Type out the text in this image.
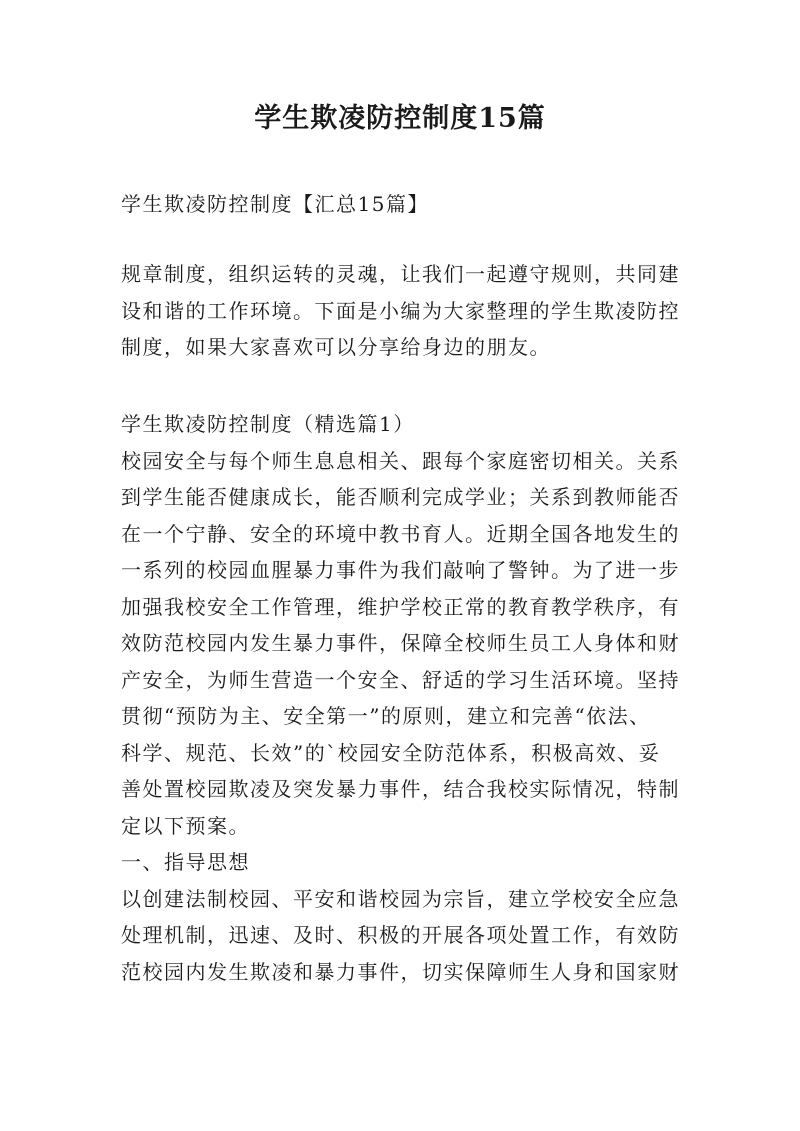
学生欺凌防控制度15篇
学生欺凌防控制度【汇总15篇】
规章制度，组织运转的灵魂，让我们一起遵守规则，共同建
设和谐的工作环境。下面是小编为大家整理的学生欺凌防控
制度，如果大家喜欢可以分享给身边的朋友。
学生欺凌防控制度（精选篇1）
校园安全与每个师生息息相关、跟每个家庭密切相关。关系
到学生能否健康成长，能否顺利完成学业；关系到教师能否
在一个宁静、安全的环境中教书育人。近期全国各地发生的
一系列的校园血腥暴力事件为我们敲响了警钟。为了进一步
加强我校安全工作管理，维护学校正常的教育教学秩序，有
效防范校园内发生暴力事件，保障全校师生员工人身体和财
产安全，为师生营造一个安全、舒适的学习生活环境。坚持
贯彻“预防为主、安全第一”的原则，建立和完善“依法、
科学、规范、长效”的`校园安全防范体系，积极高效、妥
善处置校园欺凌及突发暴力事件，结合我校实际情况，特制
定以下预案。
一、指导思想
以创建法制校园、平安和谐校园为宗旨，建立学校安全应急
处理机制，迅速、及时、积极的开展各项处置工作，有效防
范校园内发生欺凌和暴力事件，切实保障师生人身和国家财
